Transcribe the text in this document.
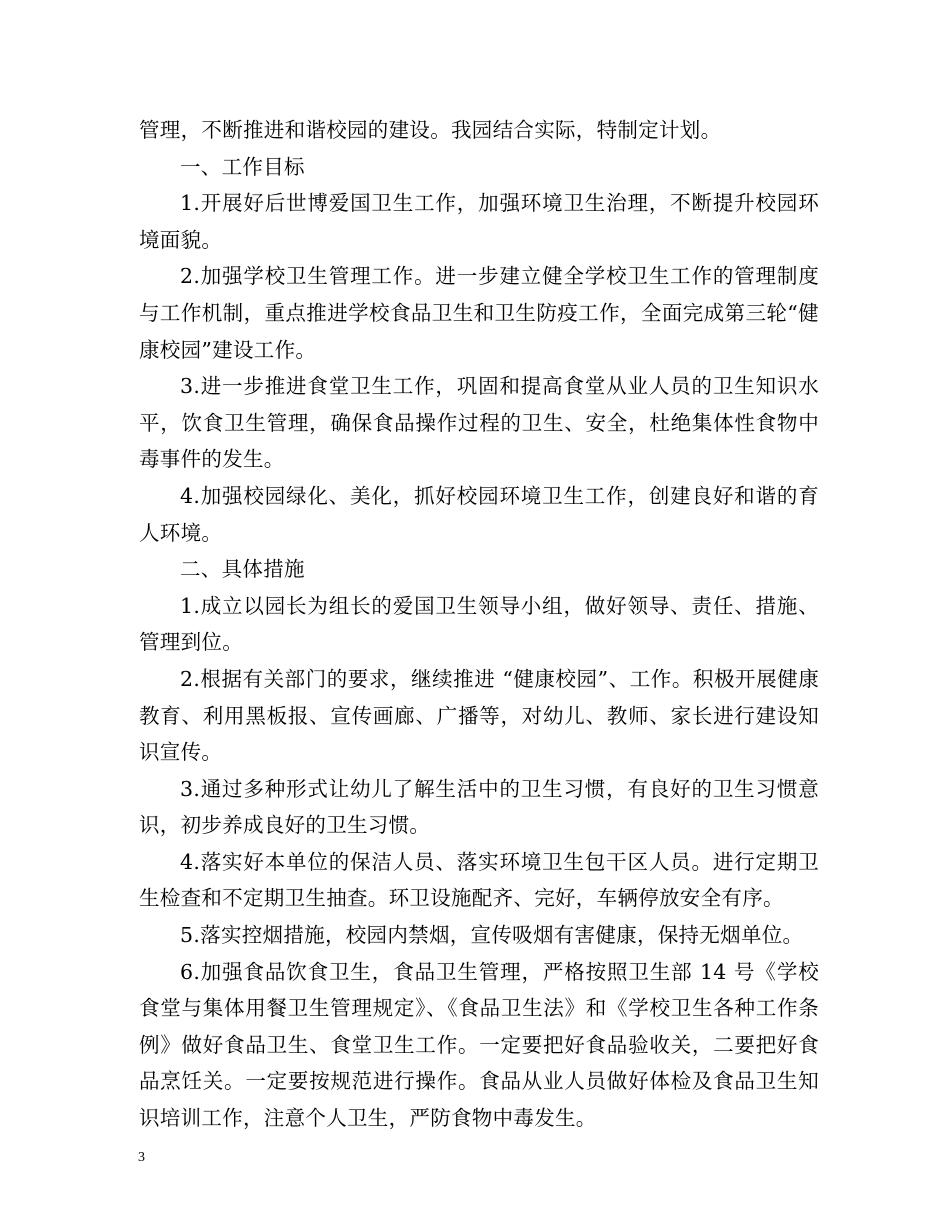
管理，不断推进和谐校园的建设。我园结合实际，特制定计划。

一、工作目标

1.开展好后世博爱国卫生工作，加强环境卫生治理，不断提升校园环境面貌。

2.加强学校卫生管理工作。进一步建立健全学校卫生工作的管理制度与工作机制，重点推进学校食品卫生和卫生防疫工作，全面完成第三轮“健康校园”建设工作。

3.进一步推进食堂卫生工作，巩固和提高食堂从业人员的卫生知识水平，饮食卫生管理，确保食品操作过程的卫生、安全，杜绝集体性食物中毒事件的发生。

4.加强校园绿化、美化，抓好校园环境卫生工作，创建良好和谐的育人环境。

二、具体措施

1.成立以园长为组长的爱国卫生领导小组，做好领导、责任、措施、管理到位。

2.根据有关部门的要求，继续推进 “健康校园”、工作。积极开展健康教育、利用黑板报、宣传画廊、广播等，对幼儿、教师、家长进行建设知识宣传。

3.通过多种形式让幼儿了解生活中的卫生习惯，有良好的卫生习惯意识，初步养成良好的卫生习惯。

4.落实好本单位的保洁人员、落实环境卫生包干区人员。进行定期卫生检查和不定期卫生抽查。环卫设施配齐、完好，车辆停放安全有序。

5.落实控烟措施，校园内禁烟，宣传吸烟有害健康，保持无烟单位。

6.加强食品饮食卫生，食品卫生管理，严格按照卫生部 14 号《学校食堂与集体用餐卫生管理规定》、《食品卫生法》和《学校卫生各种工作条例》做好食品卫生、食堂卫生工作。一定要把好食品验收关，二要把好食品烹饪关。一定要按规范进行操作。食品从业人员做好体检及食品卫生知识培训工作，注意个人卫生，严防食物中毒发生。

3
